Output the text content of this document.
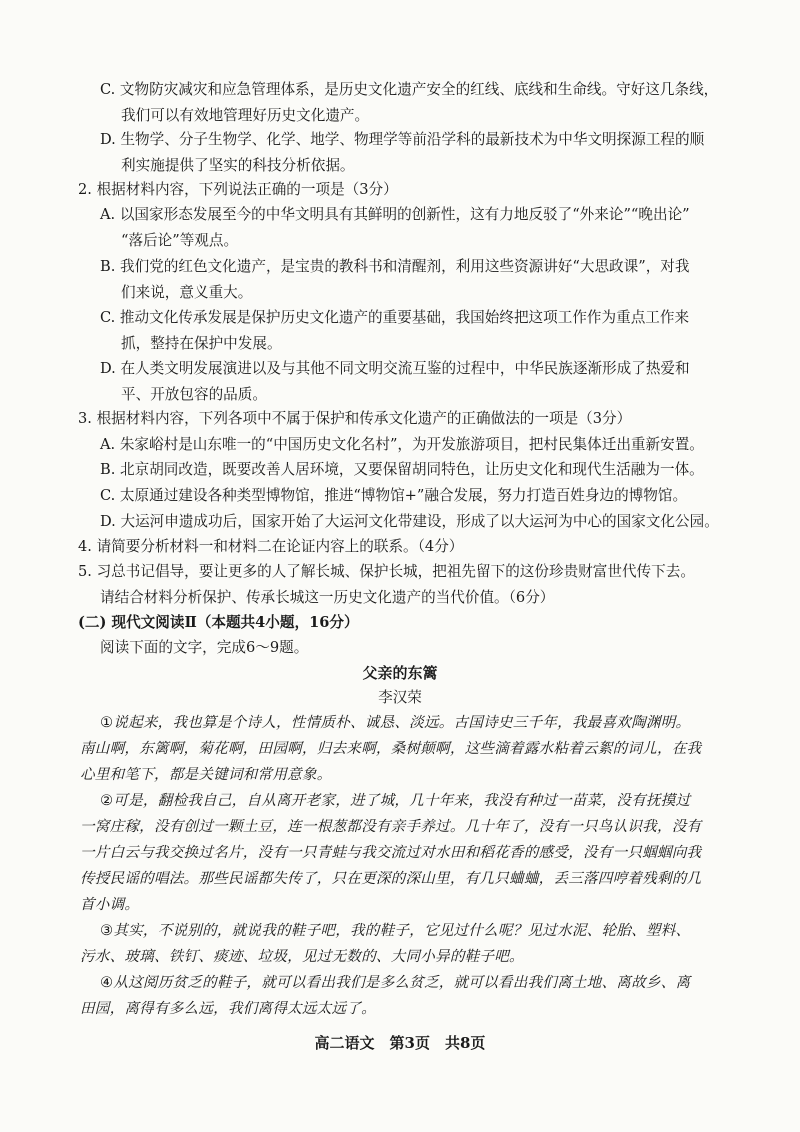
C. 文物防灾减灾和应急管理体系，是历史文化遗产安全的红线、底线和生命线。守好这几条线，

我们可以有效地管理好历史文化遗产。

D. 生物学、分子生物学、化学、地学、物理学等前沿学科的最新技术为中华文明探源工程的顺

利实施提供了坚实的科技分析依据。

2. 根据材料内容，下列说法正确的一项是（3分）

A. 以国家形态发展至今的中华文明具有其鲜明的创新性，这有力地反驳了“外来论”“晚出论”

“落后论”等观点。

B. 我们党的红色文化遗产，是宝贵的教科书和清醒剂，利用这些资源讲好“大思政课”，对我

们来说，意义重大。

C. 推动文化传承发展是保护历史文化遗产的重要基础，我国始终把这项工作作为重点工作来

抓，整持在保护中发展。

D. 在人类文明发展演进以及与其他不同文明交流互鉴的过程中，中华民族逐渐形成了热爱和

平、开放包容的品质。

3. 根据材料内容，下列各项中不属于保护和传承文化遗产的正确做法的一项是（3分）

A. 朱家峪村是山东唯一的“中国历史文化名村”，为开发旅游项目，把村民集体迁出重新安置。

B. 北京胡同改造，既要改善人居环境，又要保留胡同特色，让历史文化和现代生活融为一体。

C. 太原通过建设各种类型博物馆，推进“博物馆+”融合发展，努力打造百姓身边的博物馆。

D. 大运河申遗成功后，国家开始了大运河文化带建设，形成了以大运河为中心的国家文化公园。

4. 请简要分析材料一和材料二在论证内容上的联系。（4分）

5. 习总书记倡导，要让更多的人了解长城、保护长城，把祖先留下的这份珍贵财富世代传下去。

请结合材料分析保护、传承长城这一历史文化遗产的当代价值。（6分）

(二) 现代文阅读Ⅱ（本题共4小题，16分）

阅读下面的文字，完成6～9题。

父亲的东篱

李汉荣

①说起来，我也算是个诗人，性情质朴、诚恳、淡远。古国诗史三千年，我最喜欢陶渊明。

南山啊，东篱啊，菊花啊，田园啊，归去来啊，桑树颠啊，这些滴着露水粘着云絮的词儿，在我

心里和笔下，都是关键词和常用意象。

②可是，翻检我自己，自从离开老家，进了城，几十年来，我没有种过一苗菜，没有抚摸过

一窝庄稼，没有创过一颗土豆，连一根葱都没有亲手养过。几十年了，没有一只鸟认识我，没有

一片白云与我交换过名片，没有一只青蛙与我交流过对水田和稻花香的感受，没有一只蝈蝈向我

传授民谣的唱法。那些民谣都失传了，只在更深的深山里，有几只蛐蛐，丢三落四哼着残剩的几

首小调。

③其实，不说别的，就说我的鞋子吧，我的鞋子，它见过什么呢？见过水泥、轮胎、塑料、

污水、玻璃、铁钉、痰迹、垃圾，见过无数的、大同小异的鞋子吧。

④从这阅历贫乏的鞋子，就可以看出我们是多么贫乏，就可以看出我们离土地、离故乡、离

田园，离得有多么远，我们离得太远太远了。

高二语文　第3页　共8页
